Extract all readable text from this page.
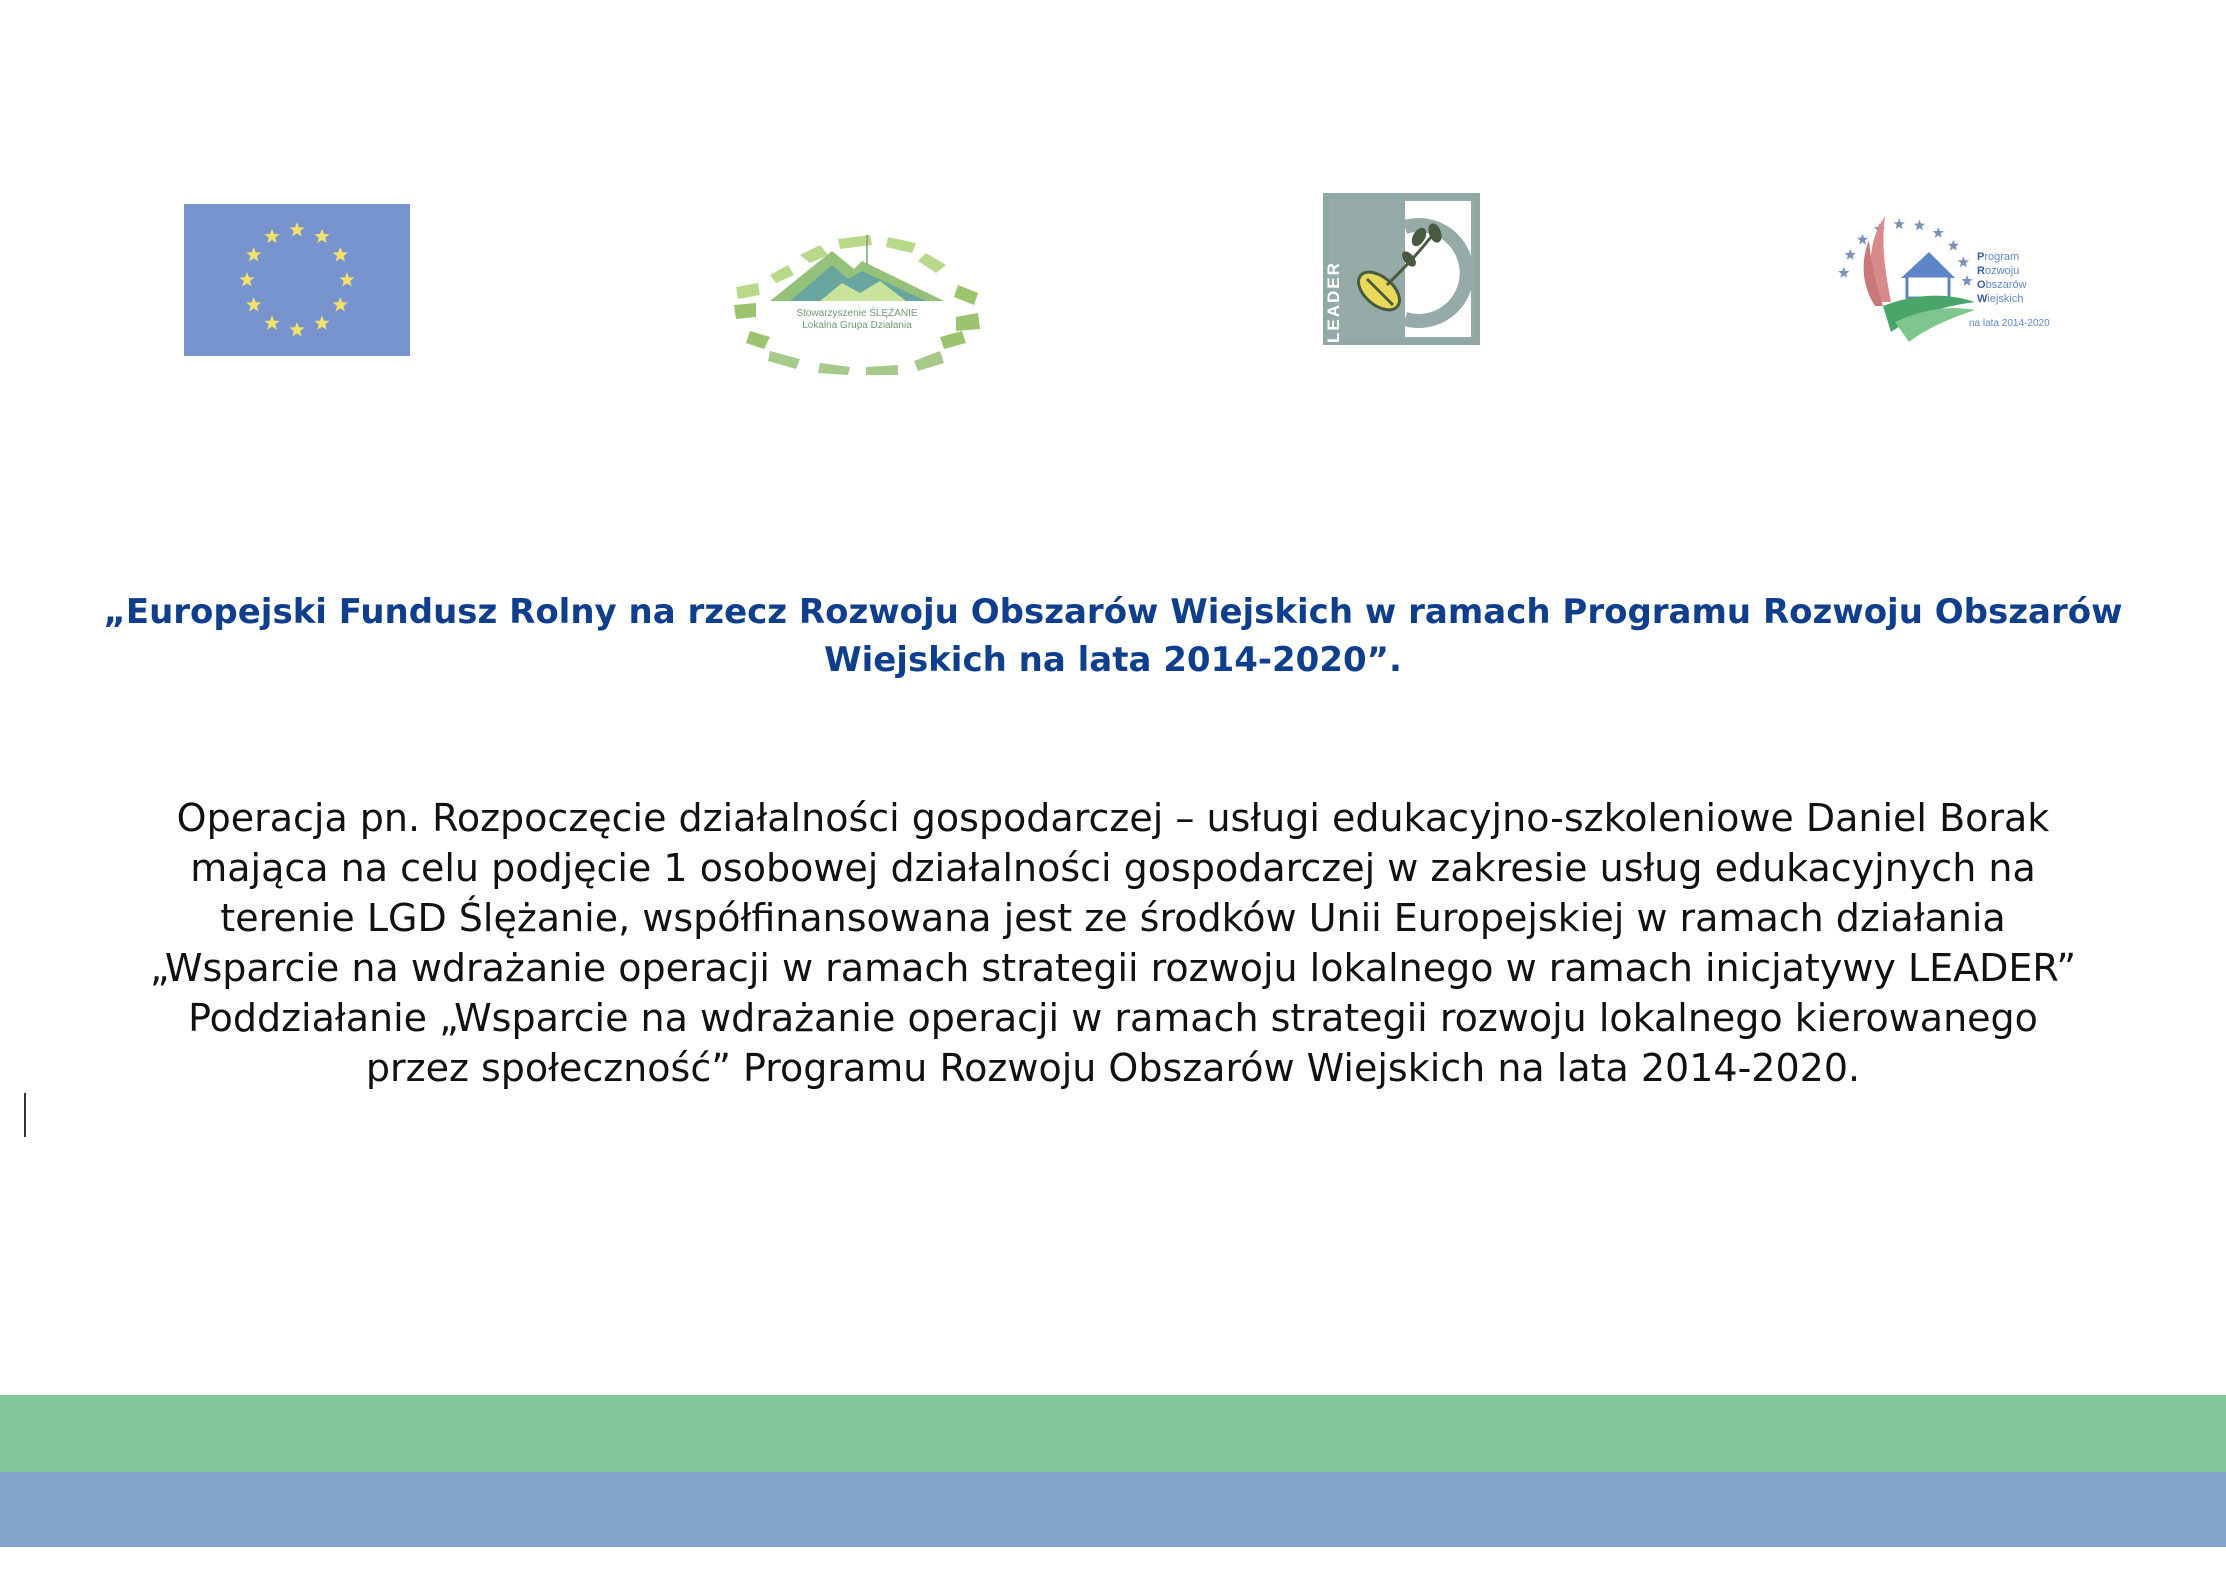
Stowarzyszenie ŚLĘŻANIE
Lokalna Grupa Działania	LEADER
Program
Rozwoju
Obszarów
Wiejskich
na lata 2014-2020
„Europejski Fundusz Rolny na rzecz Rozwoju Obszarów Wiejskich w ramach Programu Rozwoju Obszarów
Wiejskich na lata 2014-2020”.
Operacja pn. Rozpoczęcie działalności gospodarczej – usługi edukacyjno-szkoleniowe Daniel Borak
mająca na celu podjęcie 1 osobowej działalności gospodarczej w zakresie usług edukacyjnych na
terenie LGD Ślężanie, współfinansowana jest ze środków Unii Europejskiej w ramach działania
„Wsparcie na wdrażanie operacji w ramach strategii rozwoju lokalnego w ramach inicjatywy LEADER”
Poddziałanie „Wsparcie na wdrażanie operacji w ramach strategii rozwoju lokalnego kierowanego
przez społeczność” Programu Rozwoju Obszarów Wiejskich na lata 2014-2020.
